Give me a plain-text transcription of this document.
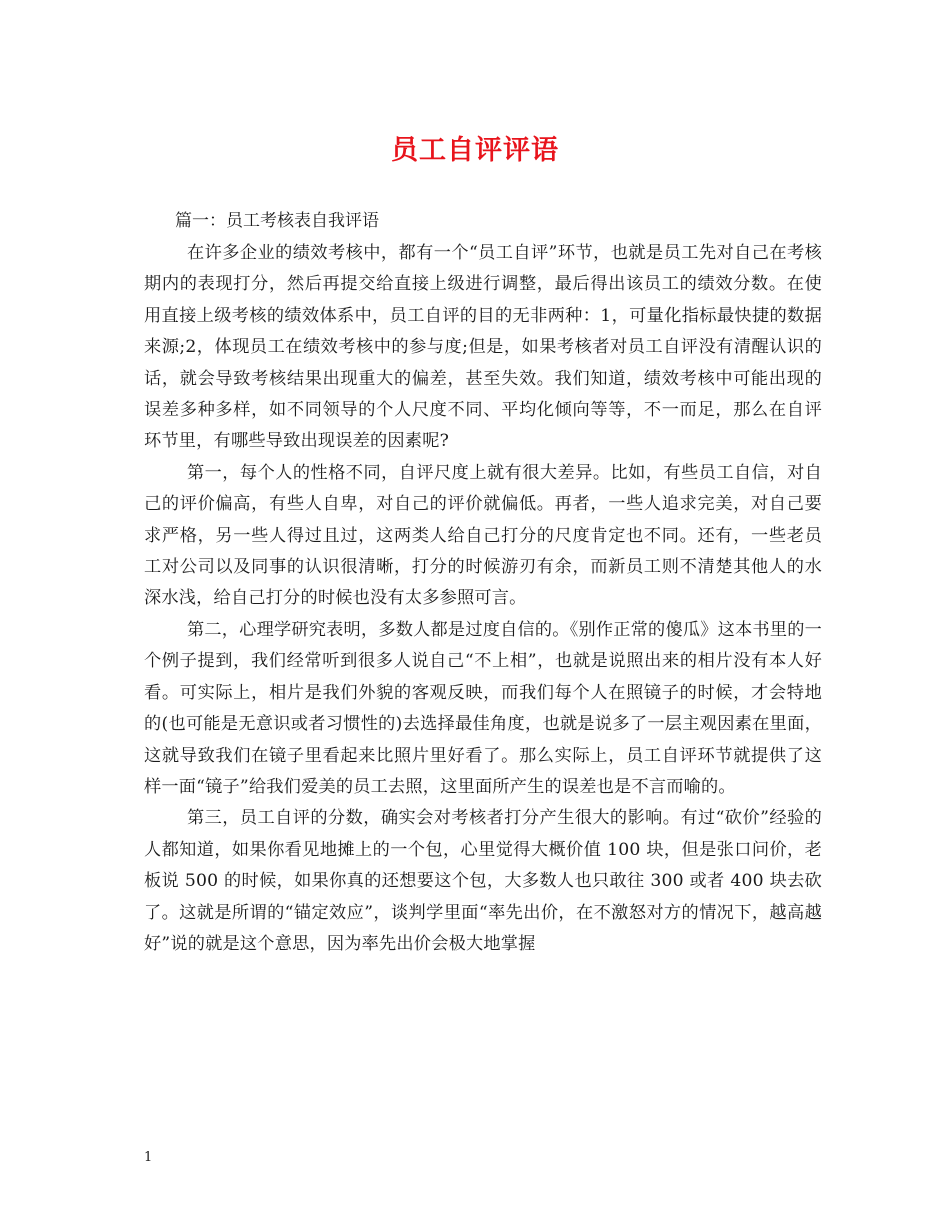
员工自评评语

篇一：员工考核表自我评语

在许多企业的绩效考核中，都有一个“员工自评”环节，也就是员工先对自己在考核期内的表现打分，然后再提交给直接上级进行调整，最后得出该员工的绩效分数。在使用直接上级考核的绩效体系中，员工自评的目的无非两种：1，可量化指标最快捷的数据来源;2，体现员工在绩效考核中的参与度;但是，如果考核者对员工自评没有清醒认识的话，就会导致考核结果出现重大的偏差，甚至失效。我们知道，绩效考核中可能出现的误差多种多样，如不同领导的个人尺度不同、平均化倾向等等，不一而足，那么在自评环节里，有哪些导致出现误差的因素呢?

第一，每个人的性格不同，自评尺度上就有很大差异。比如，有些员工自信，对自己的评价偏高，有些人自卑，对自己的评价就偏低。再者，一些人追求完美，对自己要求严格，另一些人得过且过，这两类人给自己打分的尺度肯定也不同。还有，一些老员工对公司以及同事的认识很清晰，打分的时候游刃有余，而新员工则不清楚其他人的水深水浅，给自己打分的时候也没有太多参照可言。

第二，心理学研究表明，多数人都是过度自信的。《别作正常的傻瓜》这本书里的一个例子提到，我们经常听到很多人说自己“不上相”，也就是说照出来的相片没有本人好看。可实际上，相片是我们外貌的客观反映，而我们每个人在照镜子的时候，才会特地的(也可能是无意识或者习惯性的)去选择最佳角度，也就是说多了一层主观因素在里面，这就导致我们在镜子里看起来比照片里好看了。那么实际上，员工自评环节就提供了这样一面“镜子”给我们爱美的员工去照，这里面所产生的误差也是不言而喻的。

第三，员工自评的分数，确实会对考核者打分产生很大的影响。有过“砍价”经验的人都知道，如果你看见地摊上的一个包，心里觉得大概价值 100 块，但是张口问价，老板说 500 的时候，如果你真的还想要这个包，大多数人也只敢往 300 或者 400 块去砍了。这就是所谓的“锚定效应”，谈判学里面“率先出价，在不激怒对方的情况下，越高越好”说的就是这个意思，因为率先出价会极大地掌握

1
